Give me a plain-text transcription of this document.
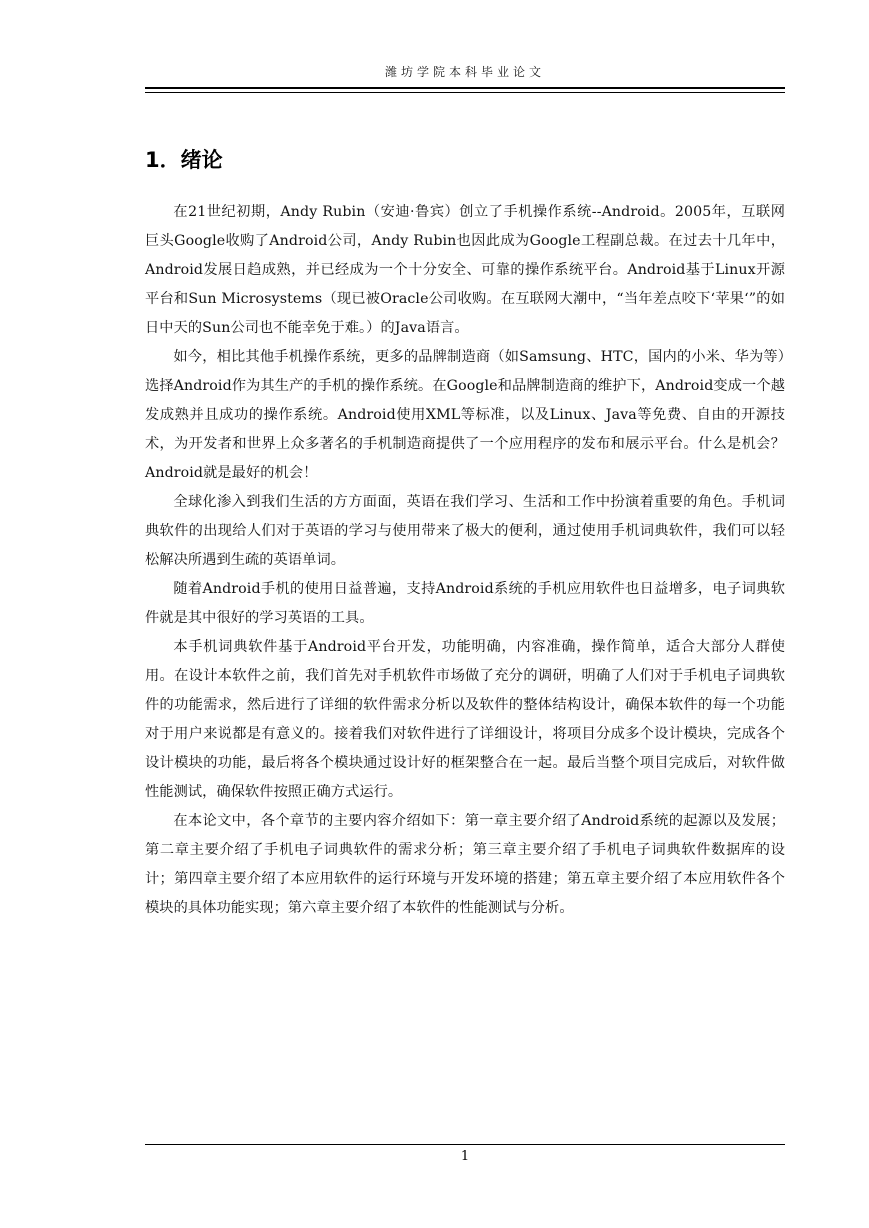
潍坊学院本科毕业论文
1．绪论

在21世纪初期，Andy Rubin（安迪·鲁宾）创立了手机操作系统--Android。2005年，互联网巨头Google收购了Android公司，Andy Rubin也因此成为Google工程副总裁。在过去十几年中，Android发展日趋成熟，并已经成为一个十分安全、可靠的操作系统平台。Android基于Linux开源平台和Sun Microsystems（现已被Oracle公司收购。在互联网大潮中，“当年差点咬下‘苹果‘”的如日中天的Sun公司也不能幸免于难。）的Java语言。

如今，相比其他手机操作系统，更多的品牌制造商（如Samsung、HTC，国内的小米、华为等）选择Android作为其生产的手机的操作系统。在Google和品牌制造商的维护下，Android变成一个越发成熟并且成功的操作系统。Android使用XML等标准，以及Linux、Java等免费、自由的开源技术，为开发者和世界上众多著名的手机制造商提供了一个应用程序的发布和展示平台。什么是机会？Android就是最好的机会！

全球化渗入到我们生活的方方面面，英语在我们学习、生活和工作中扮演着重要的角色。手机词典软件的出现给人们对于英语的学习与使用带来了极大的便利，通过使用手机词典软件，我们可以轻松解决所遇到生疏的英语单词。

随着Android手机的使用日益普遍，支持Android系统的手机应用软件也日益增多，电子词典软件就是其中很好的学习英语的工具。

本手机词典软件基于Android平台开发，功能明确，内容准确，操作简单，适合大部分人群使用。在设计本软件之前，我们首先对手机软件市场做了充分的调研，明确了人们对于手机电子词典软件的功能需求，然后进行了详细的软件需求分析以及软件的整体结构设计，确保本软件的每一个功能对于用户来说都是有意义的。接着我们对软件进行了详细设计，将项目分成多个设计模块，完成各个设计模块的功能，最后将各个模块通过设计好的框架整合在一起。最后当整个项目完成后，对软件做性能测试，确保软件按照正确方式运行。

在本论文中，各个章节的主要内容介绍如下：第一章主要介绍了Android系统的起源以及发展；第二章主要介绍了手机电子词典软件的需求分析；第三章主要介绍了手机电子词典软件数据库的设计；第四章主要介绍了本应用软件的运行环境与开发环境的搭建；第五章主要介绍了本应用软件各个模块的具体功能实现；第六章主要介绍了本软件的性能测试与分析。

1
